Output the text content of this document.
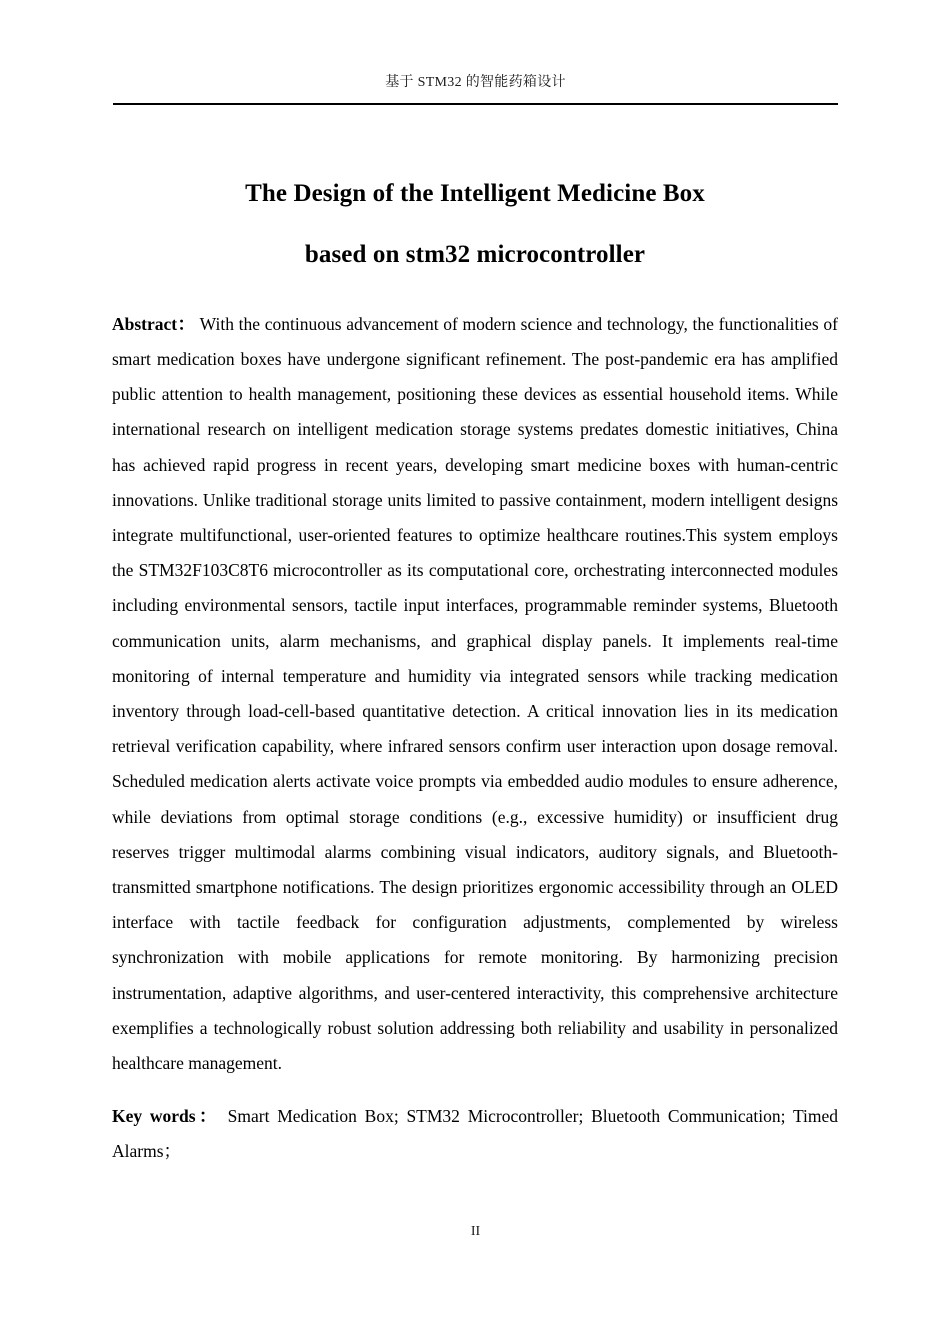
基于 STM32 的智能药箱设计
The Design of the Intelligent Medicine Box
based on stm32 microcontroller

Abstract： With the continuous advancement of modern science and technology, the functionalities of smart medication boxes have undergone significant refinement. The post-pandemic era has amplified public attention to health management, positioning these devices as essential household items. While international research on intelligent medication storage systems predates domestic initiatives, China has achieved rapid progress in recent years, developing smart medicine boxes with human-centric innovations. Unlike traditional storage units limited to passive containment, modern intelligent designs integrate multifunctional, user-oriented features to optimize healthcare routines.This system employs the STM32F103C8T6 microcontroller as its computational core, orchestrating interconnected modules including environmental sensors, tactile input interfaces, programmable reminder systems, Bluetooth communication units, alarm mechanisms, and graphical display panels. It implements real-time monitoring of internal temperature and humidity via integrated sensors while tracking medication inventory through load-cell-based quantitative detection. A critical innovation lies in its medication retrieval verification capability, where infrared sensors confirm user interaction upon dosage removal. Scheduled medication alerts activate voice prompts via embedded audio modules to ensure adherence, while deviations from optimal storage conditions (e.g., excessive humidity) or insufficient drug reserves trigger multimodal alarms combining visual indicators, auditory signals, and Bluetooth-transmitted smartphone notifications. The design prioritizes ergonomic accessibility through an OLED interface with tactile feedback for configuration adjustments, complemented by wireless synchronization with mobile applications for remote monitoring. By harmonizing precision instrumentation, adaptive algorithms, and user-centered interactivity, this comprehensive architecture exemplifies a technologically robust solution addressing both reliability and usability in personalized healthcare management.

Key words： Smart Medication Box; STM32 Microcontroller; Bluetooth Communication; Timed Alarms；

II
